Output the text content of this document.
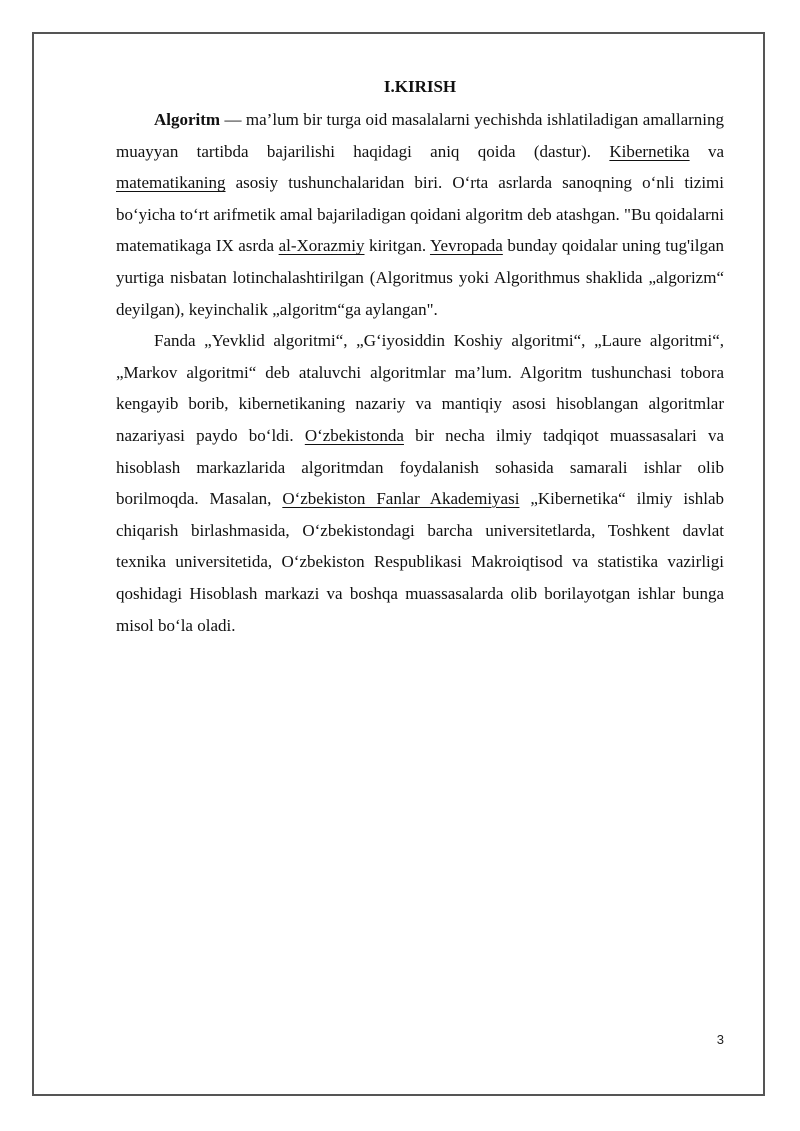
I.KIRISH

Algoritm — ma’lum bir turga oid masalalarni yechishda ishlatiladigan amallarning muayyan tartibda bajarilishi haqidagi aniq qoida (dastur). Kibernetika va matematikaning asosiy tushunchalaridan biri. O‘rta asrlarda sanoqning o‘nli tizimi bo‘yicha to‘rt arifmetik amal bajariladigan qoidani algoritm deb atashgan. "Bu qoidalarni matematikaga IX asrda al-Xorazmiy kiritgan. Yevropada bunday qoidalar uning tug'ilgan yurtiga nisbatan lotinchalashtirilgan (Algoritmus yoki Algorithmus shaklida „algorizm“ deyilgan), keyinchalik „algoritm“ga aylangan".

Fanda „Yevklid algoritmi“, „G‘iyosiddin Koshiy algoritmi“, „Laure algoritmi“, „Markov algoritmi“ deb ataluvchi algoritmlar ma’lum. Algoritm tushunchasi tobora kengayib borib, kibernetikaning nazariy va mantiqiy asosi hisoblangan algoritmlar nazariyasi paydo bo‘ldi. O‘zbekistonda bir necha ilmiy tadqiqot muassasalari va hisoblash markazlarida algoritmdan foydalanish sohasida samarali ishlar olib borilmoqda. Masalan, O‘zbekiston Fanlar Akademiyasi „Kibernetika“ ilmiy ishlab chiqarish birlashmasida, O‘zbekistondagi barcha universitetlarda, Toshkent davlat texnika universitetida, O‘zbekiston Respublikasi Makroiqtisod va statistika vazirligi qoshidagi Hisoblash markazi va boshqa muassasalarda olib borilayotgan ishlar bunga misol bo‘la oladi.

3
